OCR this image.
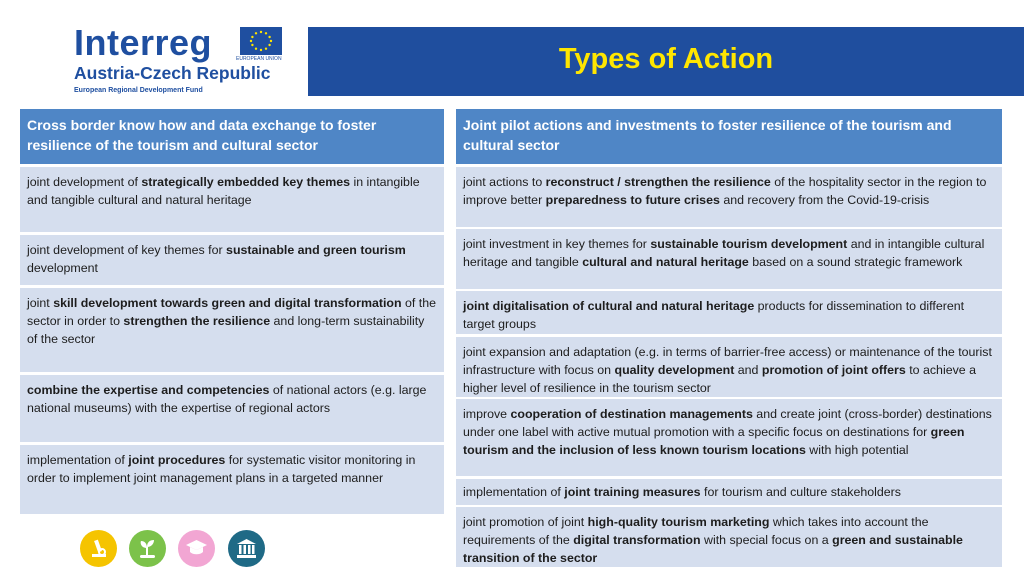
Interreg	EUROPEAN UNION
Austria-Czech Republic
European Regional Development Fund
Types of Action
Cross border know how and data exchange to foster resilience of the tourism and cultural sector
joint development of strategically embedded key themes in intangible and tangible cultural and natural heritage
joint development of key themes for sustainable and green tourism development
joint skill development towards green and digital transformation of the sector in order to strengthen the resilience and long-term sustainability of the sector
combine the expertise and competencies of national actors (e.g. large national museums) with the expertise of regional actors
implementation of joint procedures for systematic visitor monitoring in order to implement joint management plans in a targeted manner
Joint pilot actions and investments to foster resilience of the tourism and cultural sector
joint actions to reconstruct / strengthen the resilience of the hospitality sector in the region to improve better preparedness to future crises and recovery from the Covid-19-crisis
joint investment in key themes for sustainable tourism development and in intangible cultural heritage and tangible cultural and natural heritage based on a sound strategic framework
joint digitalisation of cultural and natural heritage products for dissemination to different target groups
joint expansion and adaptation (e.g. in terms of barrier-free access) or maintenance of the tourist infrastructure with focus on quality development and promotion of joint offers to achieve a higher level of resilience in the tourism sector
improve cooperation of destination managements and create joint (cross-border) destinations under one label with active mutual promotion with a specific focus on destinations for green tourism and the inclusion of less known tourism locations with high potential
implementation of joint training measures for tourism and culture stakeholders
joint promotion of joint high-quality tourism marketing which takes into account the requirements of the digital transformation with special focus on a green and sustainable transition of the sector
